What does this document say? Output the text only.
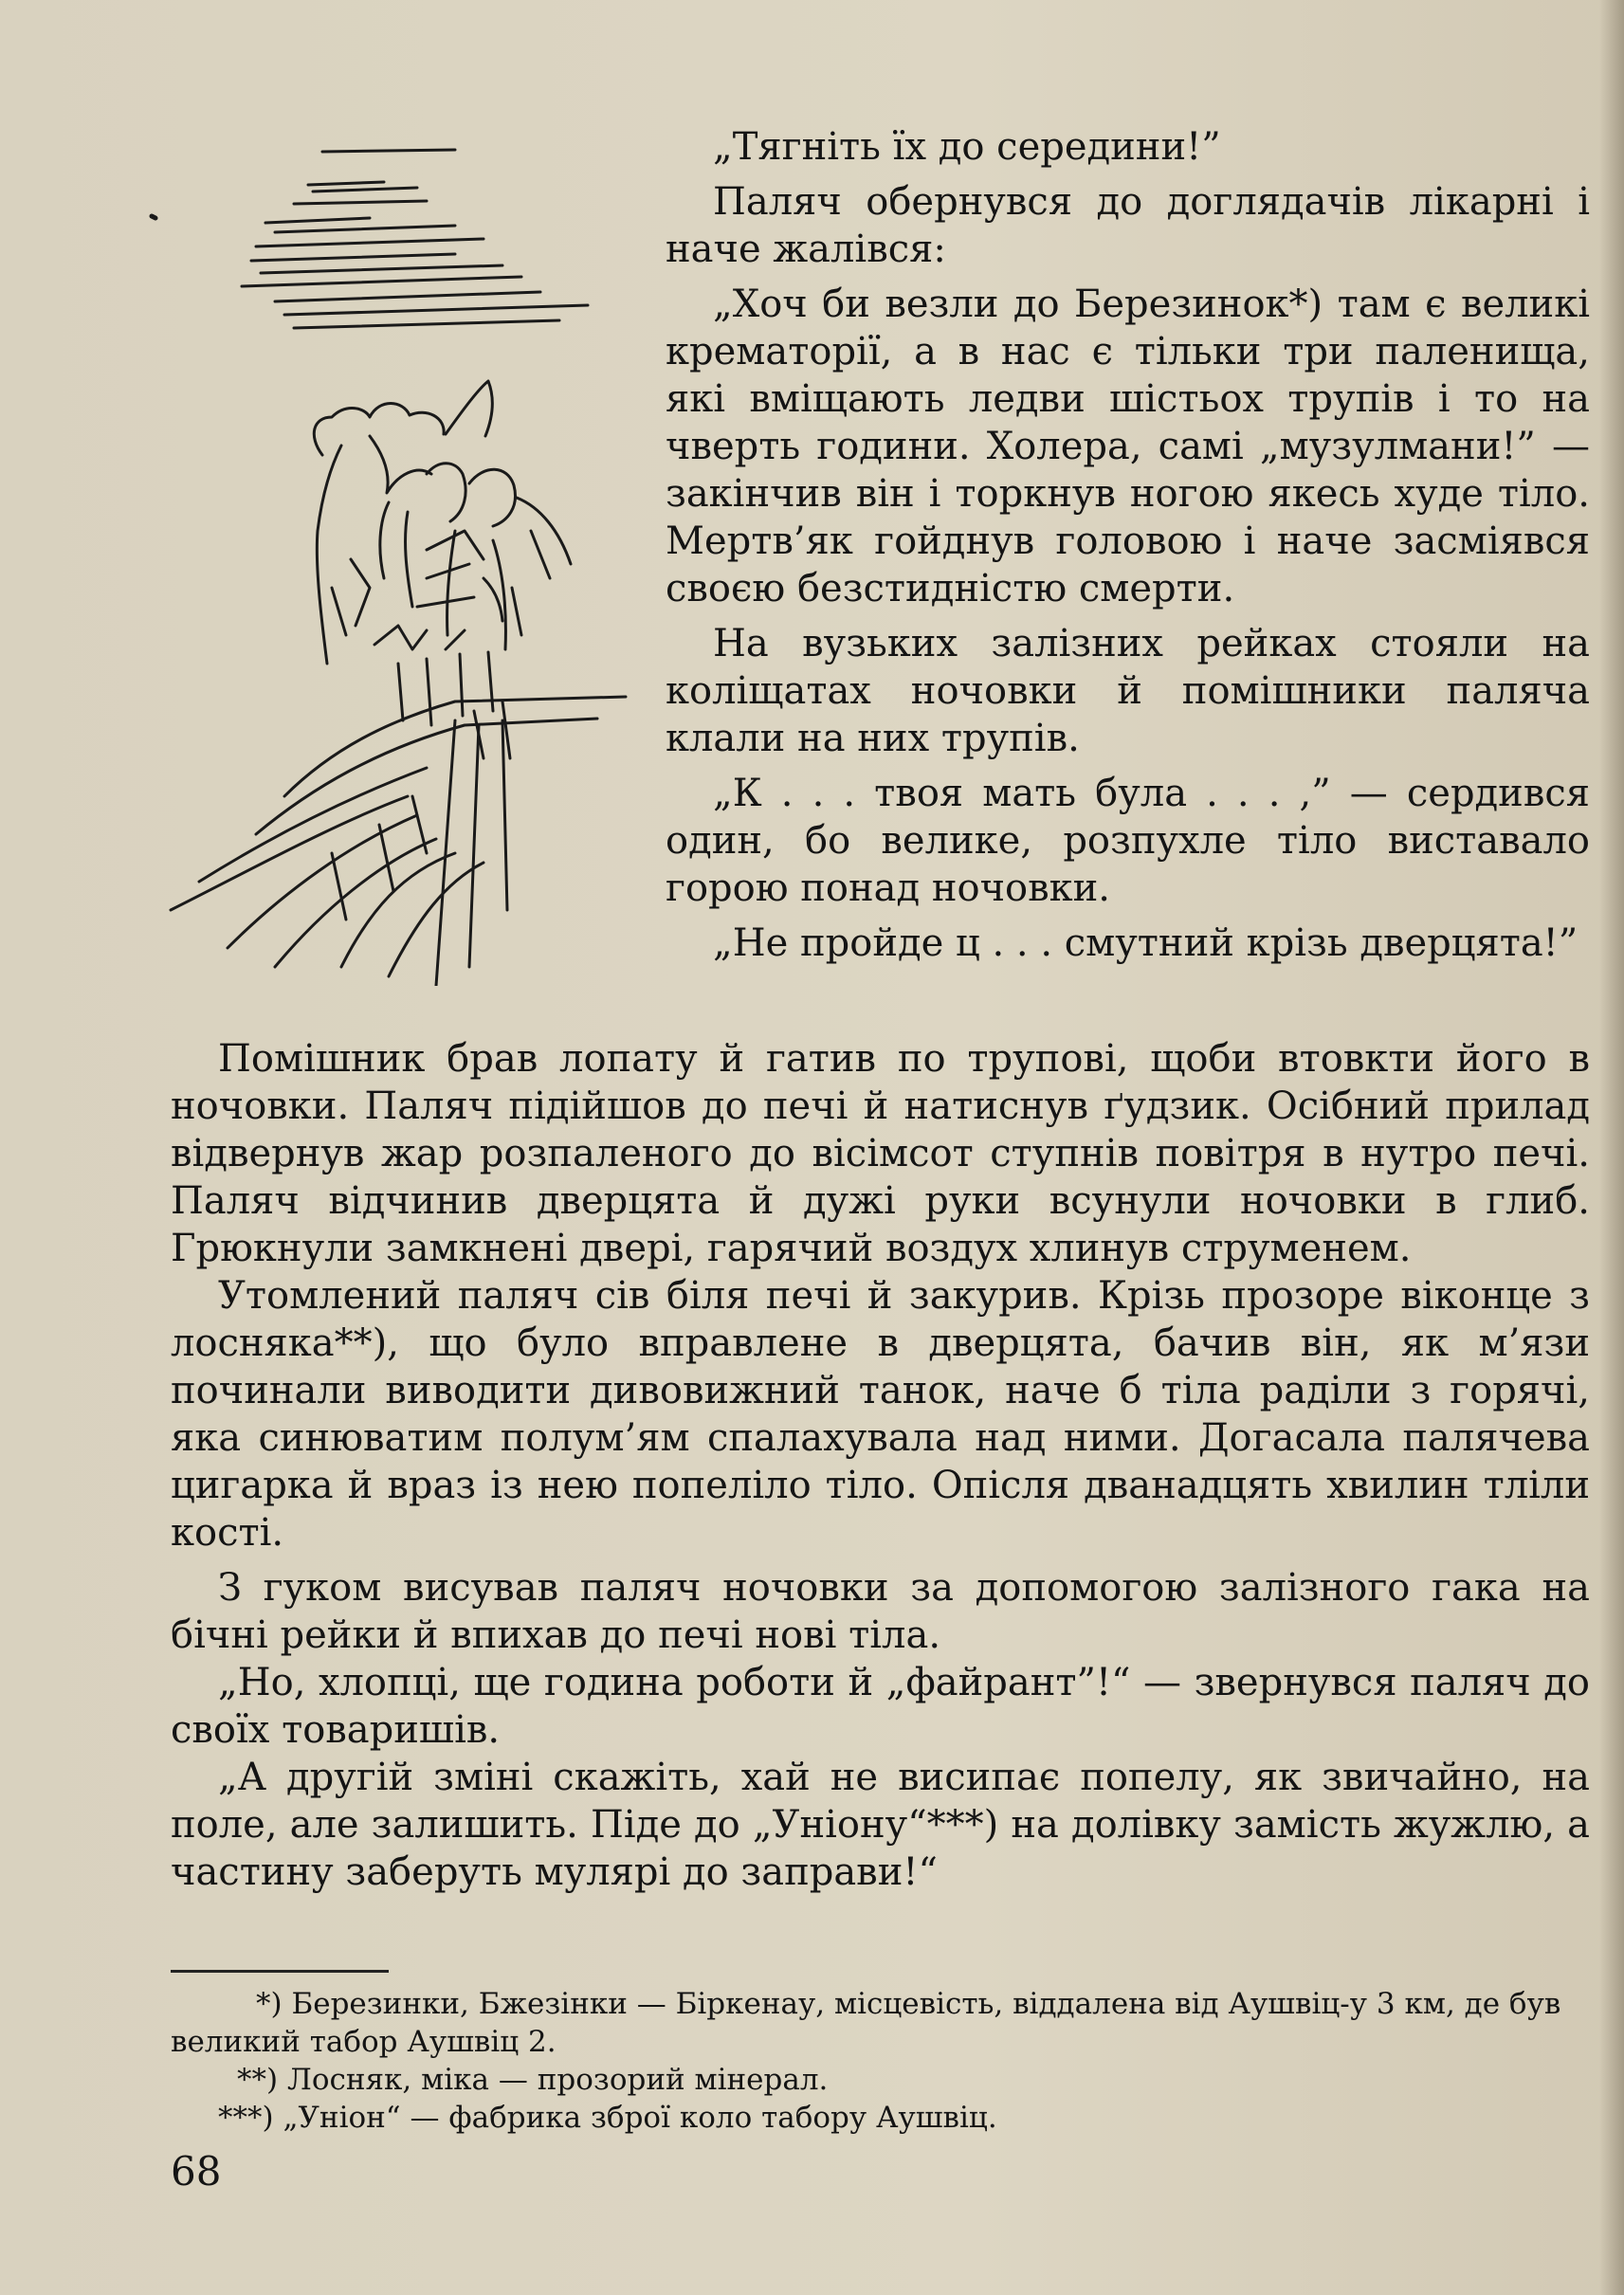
„Тягніть їх до середини!”

Паляч обернувся до доглядачів лікарні і наче жалівся:

„Хоч би везли до Березинок*) там є великі крематорії, а в нас є тільки три паленища, які вміщають ледви шістьох трупів і то на чверть години. Холера, самі „музулмани!” — закінчив він і торкнув ногою якесь худе тіло. Мертв’як гойднув головою і наче засміявся своєю безстидністю смерти.

На вузьких залізних рейках стояли на коліщатах ночовки й помішники паляча клали на них трупів.

„К . . . твоя мать була . . . ,” — сердився один, бо велике, розпухле тіло виставало горою понад ночовки.

„Не пройде ц . . . смутний крізь дверцята!”

Помішник брав лопату й гатив по трупові, щоби втовкти його в ночовки. Паляч підійшов до печі й натиснув ґудзик. Осібний прилад відвернув жар розпаленого до вісімсот ступнів повітря в нутро печі. Паляч відчинив дверцята й дужі руки всунули ночовки в глиб. Грюкнули замкнені двері, гарячий воздух хлинув струменем.

Утомлений паляч сів біля печі й закурив. Крізь прозоре віконце з лосняка**), що було вправлене в дверцята, бачив він, як м’язи починали виводити дивовижний танок, наче б тіла раділи з горячі, яка синюватим полум’ям спалахувала над ними. Догасала палячева цигарка й враз із нею попеліло тіло. Опісля дванадцять хвилин тліли кості.

З гуком висував паляч ночовки за допомогою залізного гака на бічні рейки й впихав до печі нові тіла.

„Но, хлопці, ще година роботи й „файрант”!“ — звернувся паляч до своїх товаришів.

„А другій зміні скажіть, хай не висипає попелу, як звичайно, на поле, але залишить. Піде до „Уніону“***) на долівку замість жужлю, а частину заберуть мулярі до заправи!“

*) Березинки, Бжезінки — Біркенау, місцевість, віддалена від Аушвіц-у 3 км, де був великий табор Аушвіц 2.

**) Лосняк, міка — прозорий мінерал.

***) „Уніон“ — фабрика зброї коло табору Аушвіц.

68
